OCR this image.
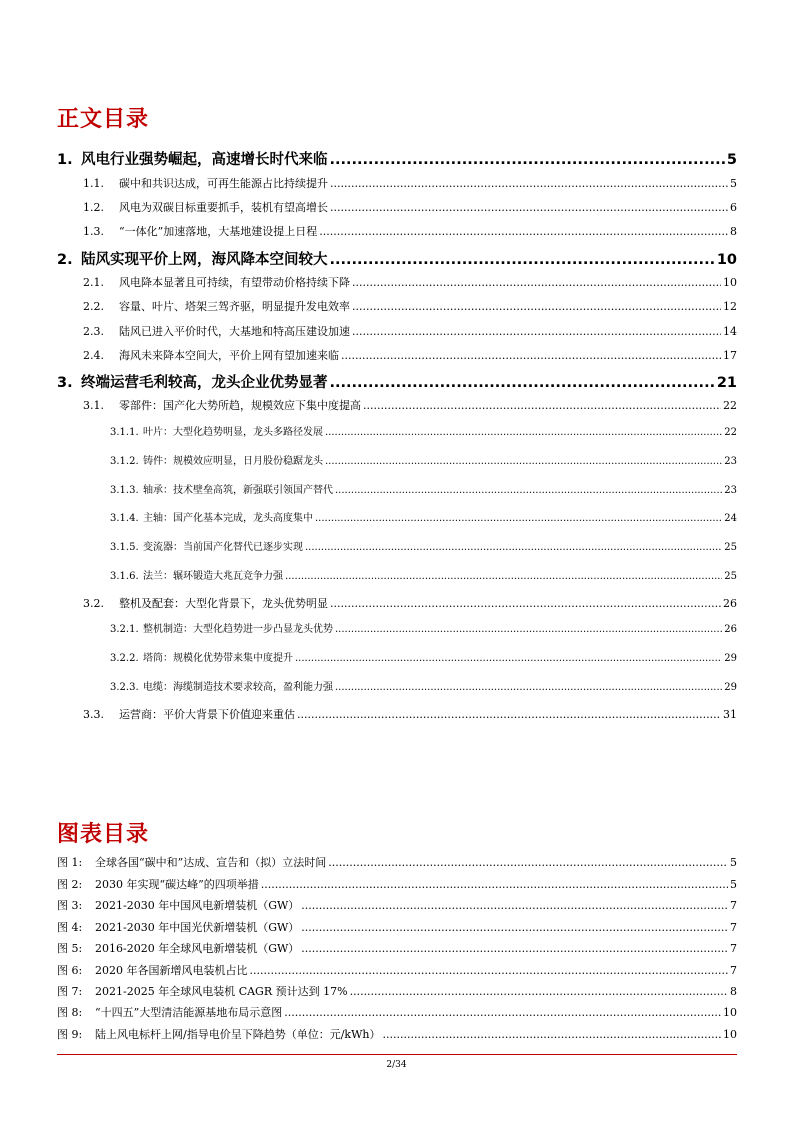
正文目录
1. 风电行业强势崛起，高速增长时代来临 .....	5
1.1.	碳中和共识达成，可再生能源占比持续提升 .....	5
1.2.	风电为双碳目标重要抓手，装机有望高增长 .....	6
1.3.	“一体化”加速落地，大基地建设提上日程 .....	8
2. 陆风实现平价上网，海风降本空间较大 .....	10
2.1.	风电降本显著且可持续，有望带动价格持续下降 .....	10
2.2.	容量、叶片、塔架三驾齐驱，明显提升发电效率 .....	12
2.3.	陆风已进入平价时代，大基地和特高压建设加速 .....	14
2.4.	海风未来降本空间大，平价上网有望加速来临 .....	17
3. 终端运营毛利较高，龙头企业优势显著 .....	21
3.1.	零部件：国产化大势所趋，规模效应下集中度提高 .....	22
3.1.1. 叶片：大型化趋势明显，龙头多路径发展 .....	22
3.1.2. 铸件：规模效应明显，日月股份稳踞龙头 .....	23
3.1.3. 轴承：技术壁垒高筑，新强联引领国产替代 .....	23
3.1.4. 主轴：国产化基本完成，龙头高度集中 .....	24
3.1.5. 变流器：当前国产化替代已逐步实现 .....	25
3.1.6. 法兰：辗环锻造大兆瓦竞争力强 .....	25
3.2.	整机及配套：大型化背景下，龙头优势明显 .....	26
3.2.1. 整机制造：大型化趋势进一步凸显龙头优势 .....	26
3.2.2. 塔筒：规模化优势带来集中度提升 .....	29
3.2.3. 电缆：海缆制造技术要求较高，盈利能力强 .....	29
3.3.	运营商：平价大背景下价值迎来重估 .....	31
图表目录
图 1:	全球各国“碳中和”达成、宣告和（拟）立法时间 .....	5
图 2:	2030 年实现“碳达峰”的四项举措 .....	5
图 3:	2021-2030 年中国风电新增装机（GW） .....	7
图 4:	2021-2030 年中国光伏新增装机（GW） .....	7
图 5:	2016-2020 年全球风电新增装机（GW） .....	7
图 6:	2020 年各国新增风电装机占比 .....	7
图 7:	2021-2025 年全球风电装机 CAGR 预计达到 17% .....	8
图 8:	“十四五”大型清洁能源基地布局示意图 .....	10
图 9:	陆上风电标杆上网/指导电价呈下降趋势（单位：元/kWh） .....	10
2/34
